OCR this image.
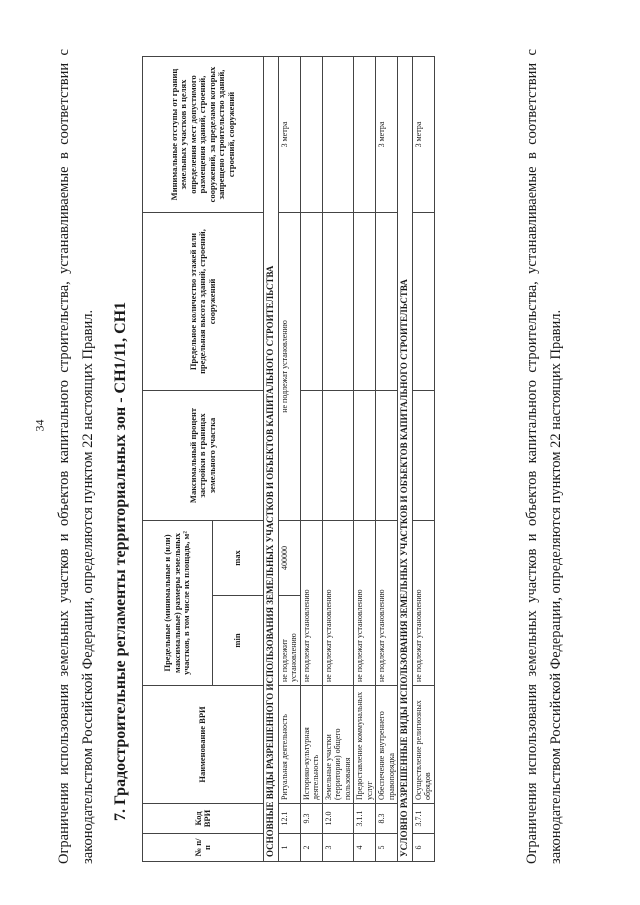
34 Ограничения использования земельных участков и объектов капитального строительства, устанавливаемые в соответствии с законодательством Российской Федерации, определяются пунктом 22 настоящих Правил. 7. Градостроительные регламенты территориальных зон - СН1/11, СН1
№ п/п	Код ВРИ	Наименование ВРИ	Предельные (минимальные и (или) максимальные) размеры земельных участков, в том числе их площадь, м²		Максимальный процент застройки в границах земельного участка	Предельное количество этажей или предельная высота зданий, строений, сооружений	Минимальные отступы от границ земельных участков в целях определения мест допустимого размещения зданий, строений, сооружений, за пределами которых запрещено строительство зданий, строений, сооружений
			min	max			
ОСНОВНЫЕ ВИДЫ РАЗРЕШЕННОГО ИСПОЛЬЗОВАНИЯ ЗЕМЕЛЬНЫХ УЧАСТКОВ И ОБЪЕКТОВ КАПИТАЛЬНОГО СТРОИТЕЛЬСТВА							
1	12.1	Ритуальная деятельность	не подлежит установлению	400000	не подлежат установлению		3 метра
2	9.3	Историко-культурная деятельность	не подлежат установлению				
3	12.0	Земельные участки (территории) общего пользования	не подлежат установлению				
4	3.1.1	Предоставление коммунальных услуг	не подлежат установлению				
5	8.3	Обеспечение внутреннего правопорядка	не подлежат установлению				3 метра
УСЛОВНО РАЗРЕШЕННЫЕ ВИДЫ ИСПОЛЬЗОВАНИЯ ЗЕМЕЛЬНЫХ УЧАСТКОВ И ОБЪЕКТОВ КАПИТАЛЬНОГО СТРОИТЕЛЬСТВА							
6	3.7.1	Осуществление религиозных обрядов	не подлежат установлению				3 метра	Ограничения использования земельных участков и объектов капитального строительства, устанавливаемые в соответствии с законодательством Российской Федерации, определяются пунктом 22 настоящих Правил.
